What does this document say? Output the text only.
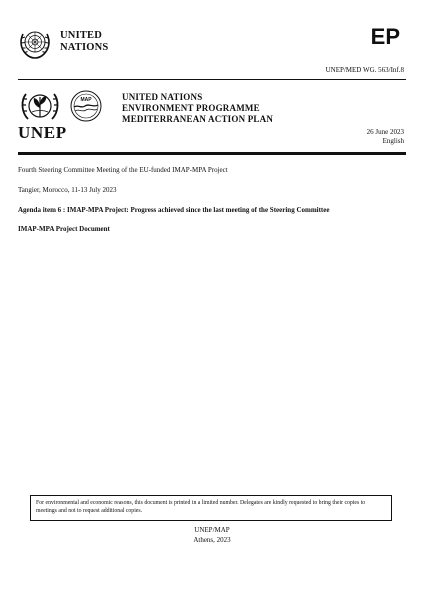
UNITED
NATIONS	EP
UNEP/MED WG. 563/Inf.8
MAP
UNEP
UNITED NATIONS
ENVIRONMENT PROGRAMME
MEDITERRANEAN ACTION PLAN
26 June 2023
English
Fourth Steering Committee Meeting of the EU-funded IMAP-MPA Project
Tangier, Morocco, 11-13 July 2023
Agenda item 6 : IMAP-MPA Project: Progress achieved since the last meeting of the Steering Committee
IMAP-MPA Project Document
For environmental and economic reasons, this document is printed in a limited number. Delegates are kindly requested to bring their copies to meetings and not to request additional copies.
UNEP/MAP
Athens, 2023
